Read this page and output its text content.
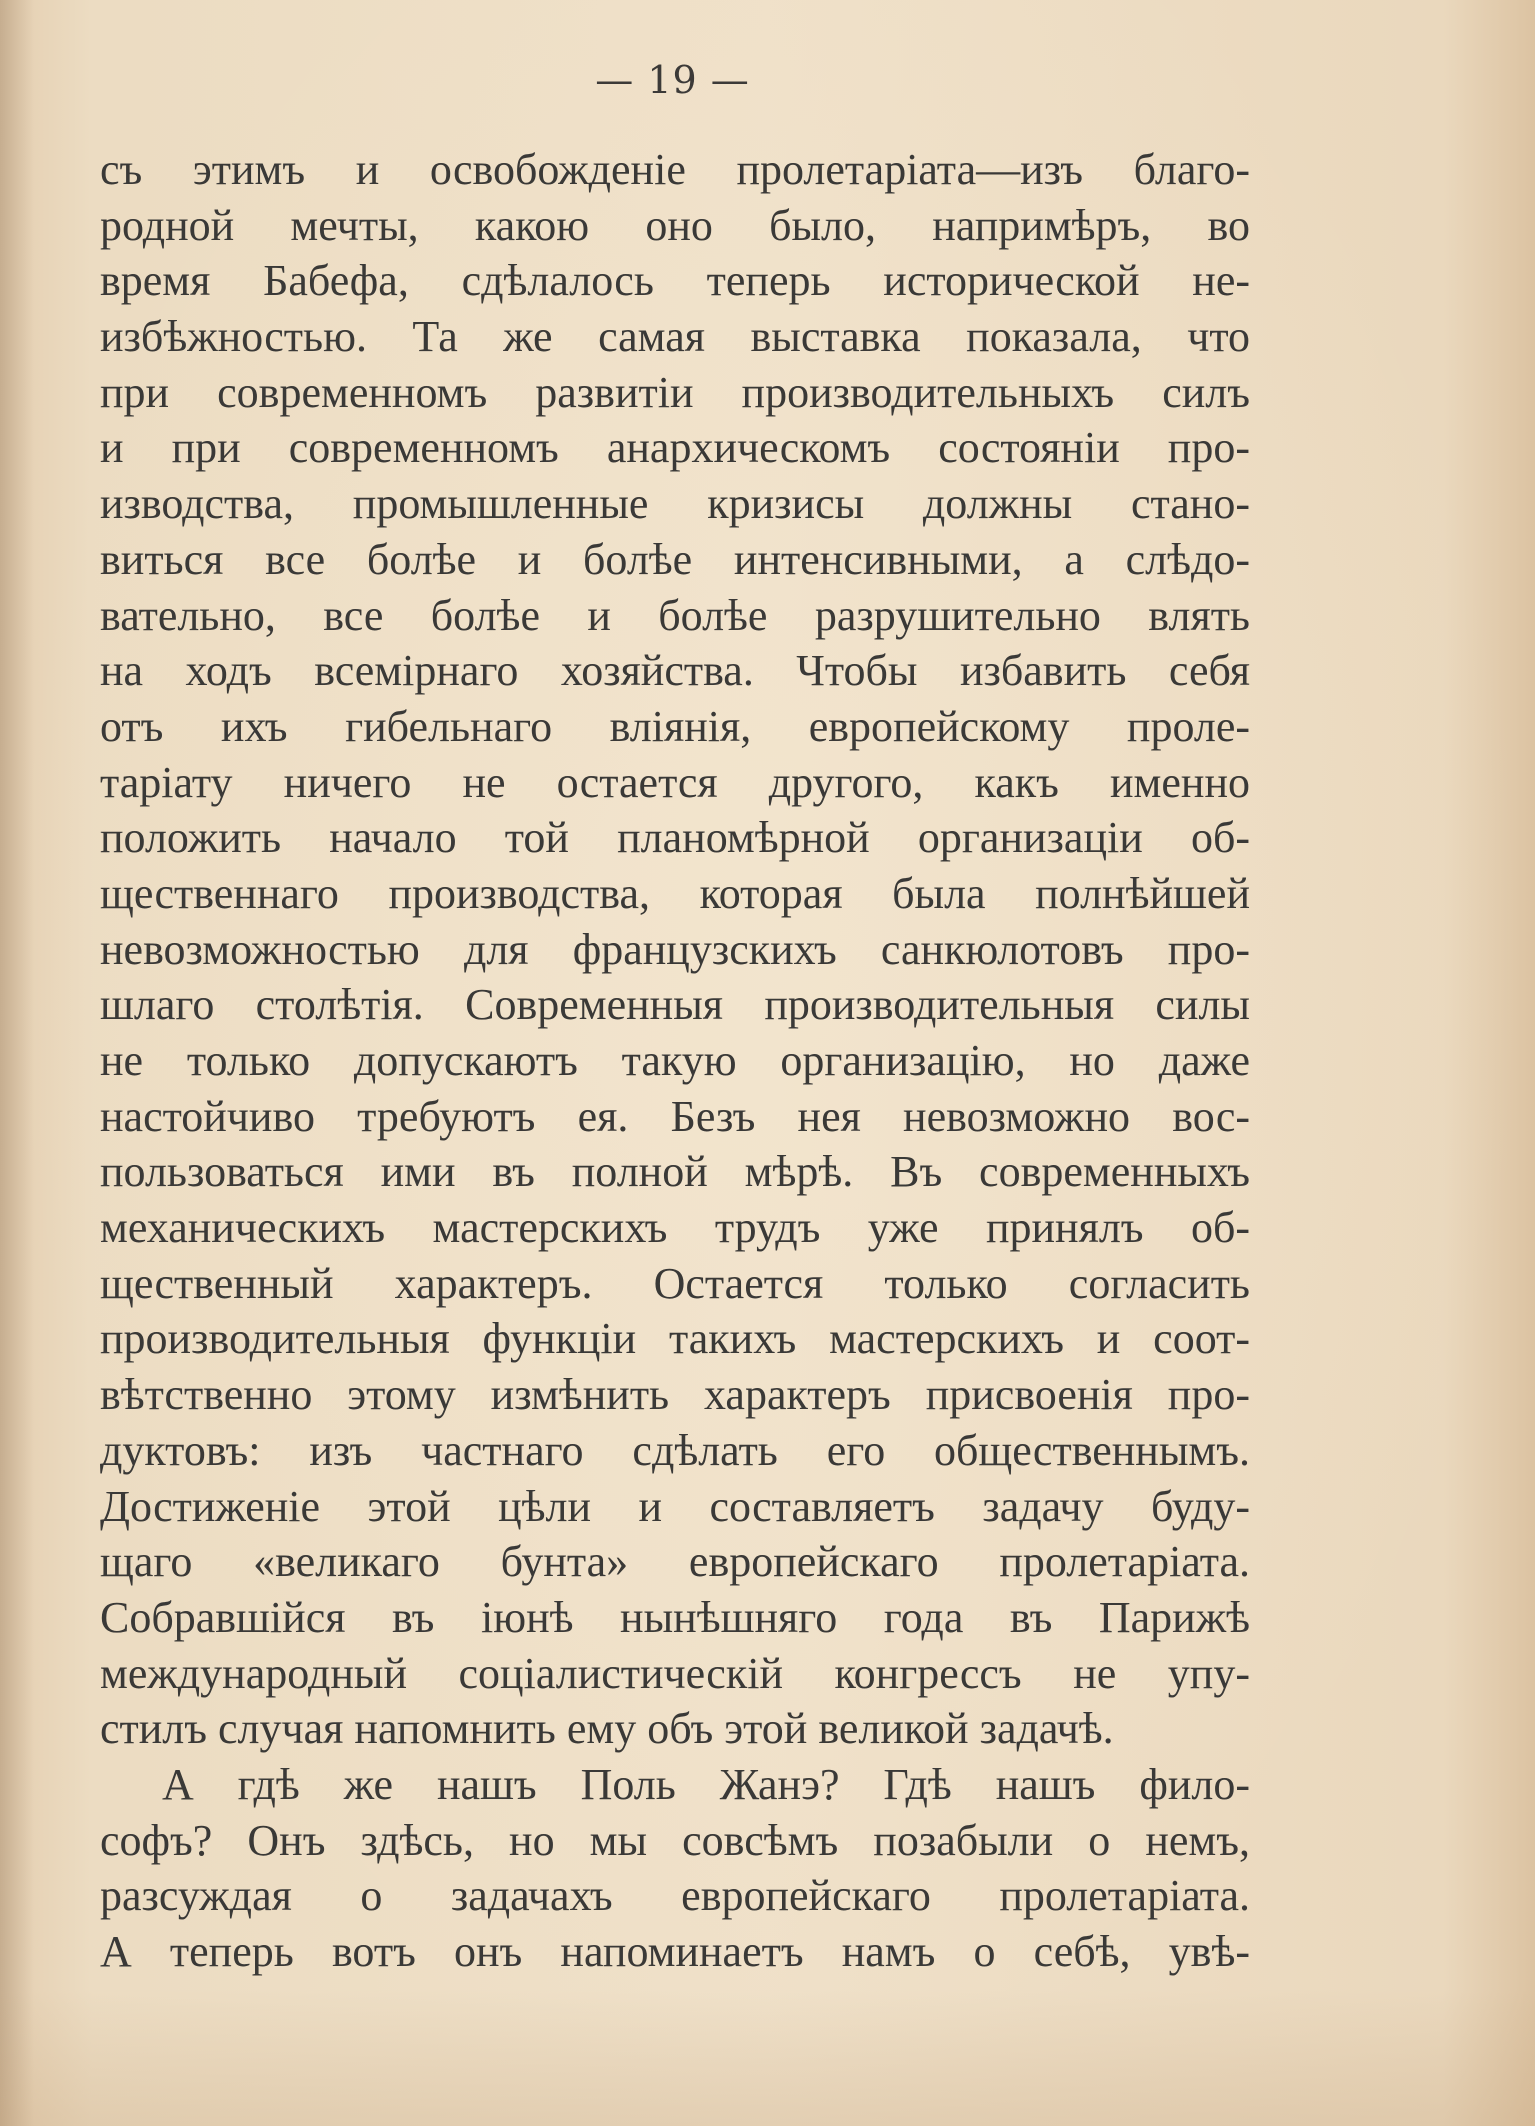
— 19 —
съ этимъ и освобожденіе пролетаріата—изъ благо-
родной мечты, какою оно было, напримѣръ, во
время Бабефа, сдѣлалось теперь исторической не-
избѣжностью. Та же самая выставка показала, что
при современномъ развитіи производительныхъ силъ
и при современномъ анархическомъ состояніи про-
изводства, промышленные кризисы должны стано-
виться все болѣе и болѣе интенсивными, а слѣдо-
вательно, все болѣе и болѣе разрушительно влять
на ходъ всемірнаго хозяйства. Чтобы избавить себя
отъ ихъ гибельнаго вліянія, европейскому проле-
таріату ничего не остается другого, какъ именно
положить начало той планомѣрной организаціи об-
щественнаго производства, которая была полнѣйшей
невозможностью для французскихъ санкюлотовъ про-
шлаго столѣтія. Современныя производительныя силы
не только допускаютъ такую организацію, но даже
настойчиво требуютъ ея. Безъ нея невозможно вос-
пользоваться ими въ полной мѣрѣ. Въ современныхъ
механическихъ мастерскихъ трудъ уже принялъ об-
щественный характеръ. Остается только согласить
производительныя функціи такихъ мастерскихъ и соот-
вѣтственно этому измѣнить характеръ присвоенія про-
дуктовъ: изъ частнаго сдѣлать его общественнымъ.
Достиженіе этой цѣли и составляетъ задачу буду-
щаго «великаго бунта» европейскаго пролетаріата.
Собравшійся въ іюнѣ нынѣшняго года въ Парижѣ
международный соціалистическій конгрессъ не упу-
стилъ случая напомнить ему объ этой великой задачѣ.
А гдѣ же нашъ Поль Жанэ? Гдѣ нашъ фило-
софъ? Онъ здѣсь, но мы совсѣмъ позабыли о немъ,
разсуждая о задачахъ европейскаго пролетаріата.
А теперь вотъ онъ напоминаетъ намъ о себѣ, увѣ-
